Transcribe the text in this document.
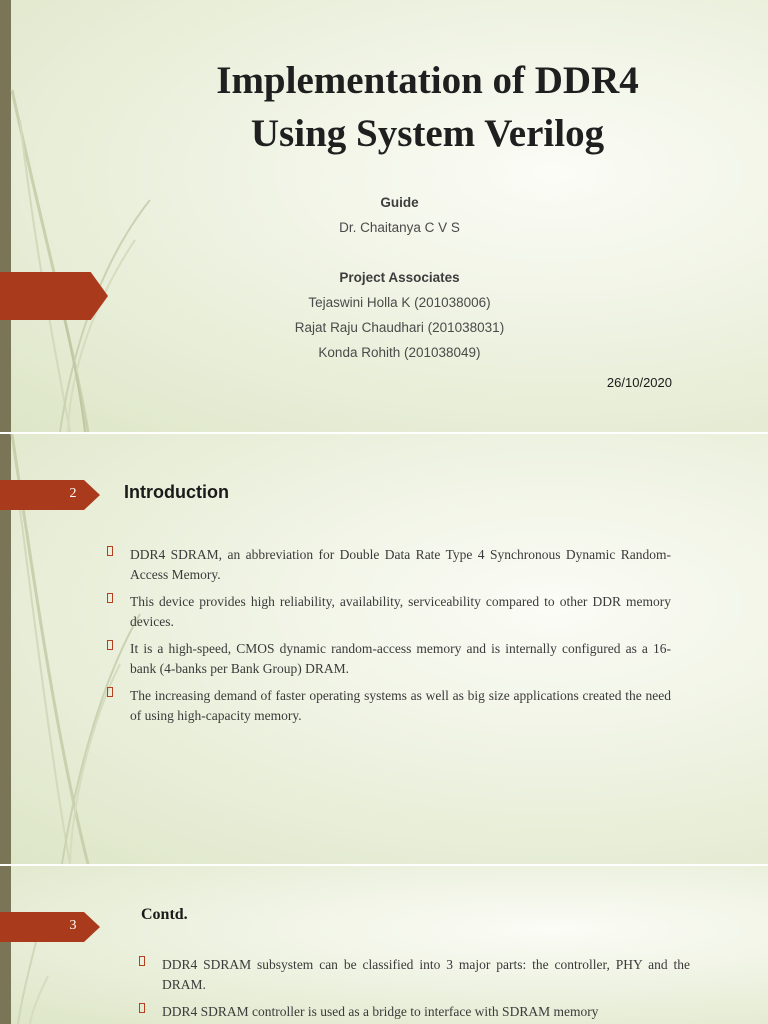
Implementation of DDR4
Using System Verilog
Guide
Dr. Chaitanya C V S
Project Associates
Tejaswini Holla K (201038006)
Rajat Raju Chaudhari (201038031)
Konda Rohith (201038049)
26/10/2020
2	Introduction
DDR4 SDRAM, an abbreviation for Double Data Rate Type 4 Synchronous Dynamic Random-Access Memory.
This device provides high reliability, availability, serviceability compared to other DDR memory devices.
It is a high-speed, CMOS dynamic random-access memory and is internally configured as a 16-bank (4-banks per Bank Group) DRAM.
The increasing demand of faster operating systems as well as big size applications created the need of using high-capacity memory.
3
Contd.
DDR4 SDRAM subsystem can be classified into 3 major parts: the controller, PHY and the DRAM.
DDR4 SDRAM controller is used as a bridge to interface with SDRAM memory
